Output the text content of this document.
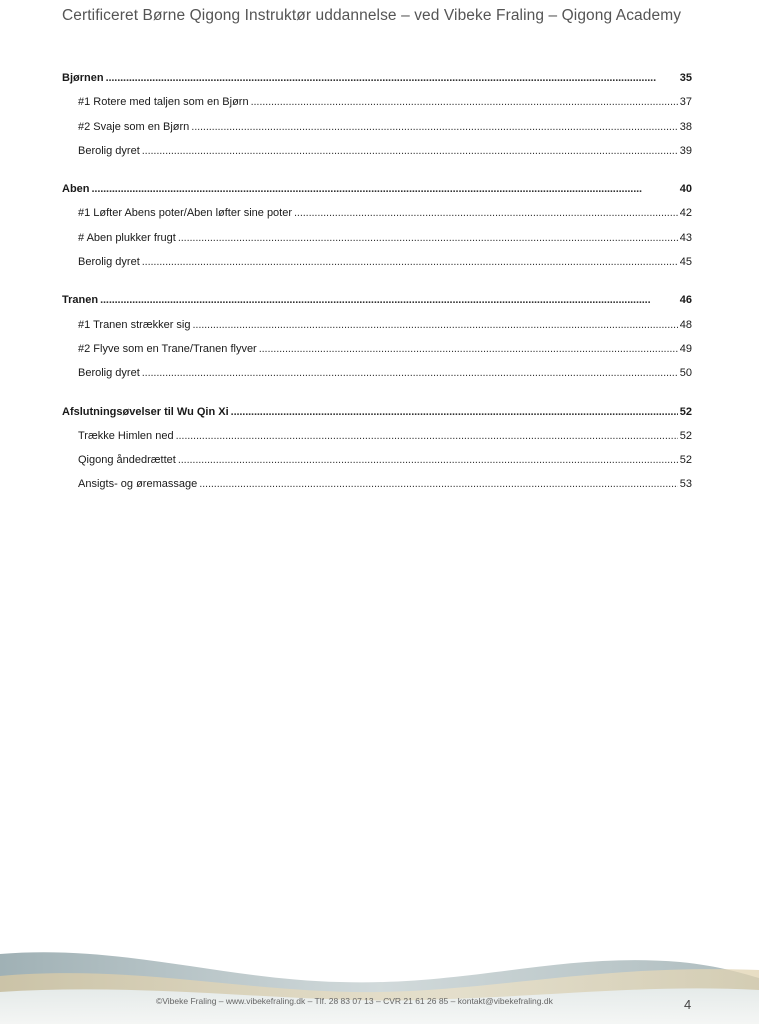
Certificeret Børne Qigong Instruktør uddannelse – ved Vibeke Fraling – Qigong Academy
Bjørnen . . .	35
#1 Rotere med taljen som en Bjørn . . .	37
#2 Svaje som en Bjørn . . .	38
Berolig dyret . . .	39
Aben . . .	40
#1 Løfter Abens poter/Aben løfter sine poter . . .	42
# Aben plukker frugt . . .	43
Berolig dyret . . .	45
Tranen . . .	46
#1 Tranen strækker sig . . .	48
#2 Flyve som en Trane/Tranen flyver . . .	49
Berolig dyret . . .	50
Afslutningsøvelser til Wu Qin Xi . . .	52
Trække Himlen ned . . .	52
Qigong åndedrættet . . .	52
Ansigts- og øremassage . . .	53
©Vibeke Fraling – www.vibekefraling.dk – Tlf. 28 83 07 13 – CVR 21 61 26 85 – kontakt@vibekefraling.dk	4
